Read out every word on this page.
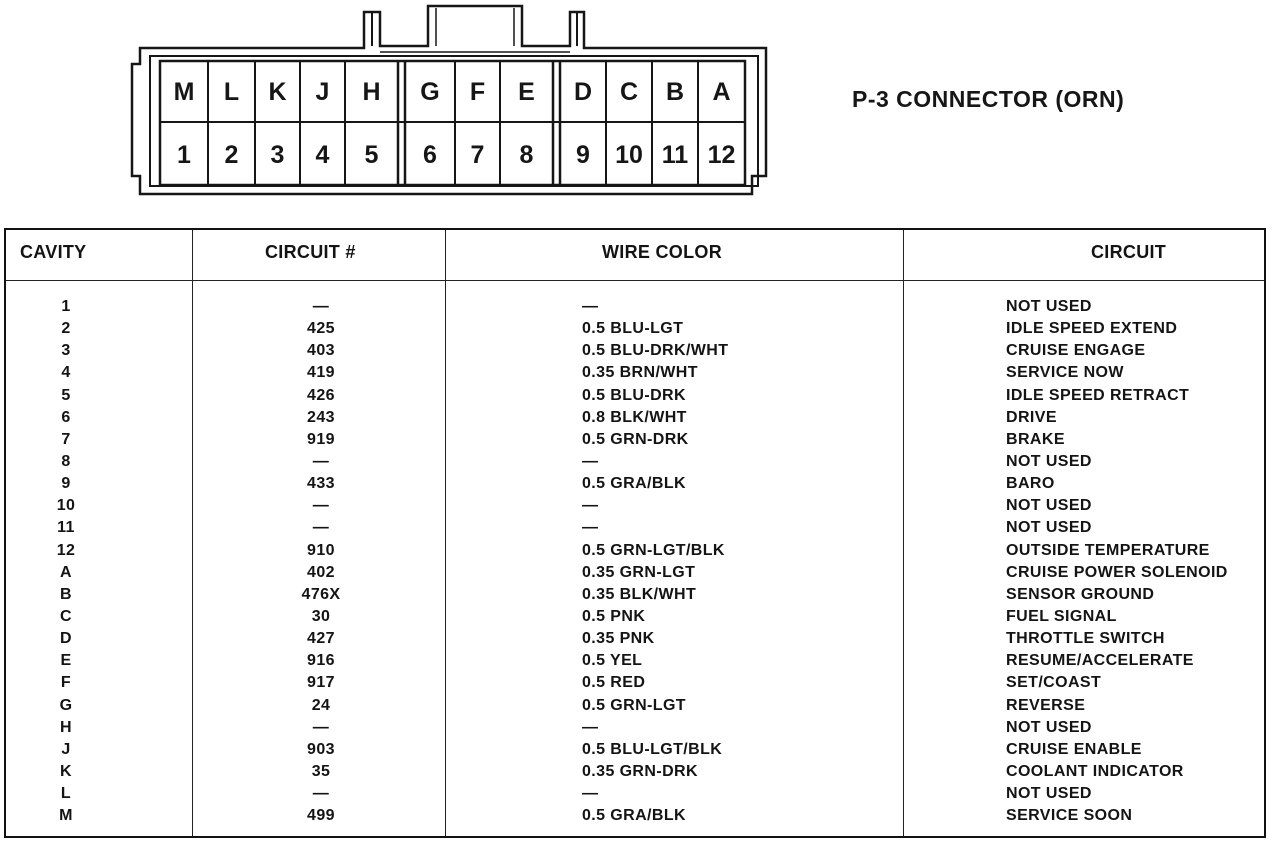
M
1
L
2
K
3
J
4
H
5
G
6
F
7
E
8
D
9
C
10
B
11
A
12
P-3 CONNECTOR (ORN)
CAVITY	CIRCUIT #	WIRE COLOR	CIRCUIT
1	—	—	NOT USED
2	425	0.5 BLU-LGT	IDLE SPEED EXTEND
3	403	0.5 BLU-DRK/WHT	CRUISE ENGAGE
4	419	0.35 BRN/WHT	SERVICE NOW
5	426	0.5 BLU-DRK	IDLE SPEED RETRACT
6	243	0.8 BLK/WHT	DRIVE
7	919	0.5 GRN-DRK	BRAKE
8	—	—	NOT USED
9	433	0.5 GRA/BLK	BARO
10	—	—	NOT USED
11	—	—	NOT USED
12	910	0.5 GRN-LGT/BLK	OUTSIDE TEMPERATURE
A	402	0.35 GRN-LGT	CRUISE POWER SOLENOID
B	476X	0.35 BLK/WHT	SENSOR GROUND
C	30	0.5 PNK	FUEL SIGNAL
D	427	0.35 PNK	THROTTLE SWITCH
E	916	0.5 YEL	RESUME/ACCELERATE
F	917	0.5 RED	SET/COAST
G	24	0.5 GRN-LGT	REVERSE
H	—	—	NOT USED
J	903	0.5 BLU-LGT/BLK	CRUISE ENABLE
K	35	0.35 GRN-DRK	COOLANT INDICATOR
L	—	—	NOT USED
M	499	0.5 GRA/BLK	SERVICE SOON
